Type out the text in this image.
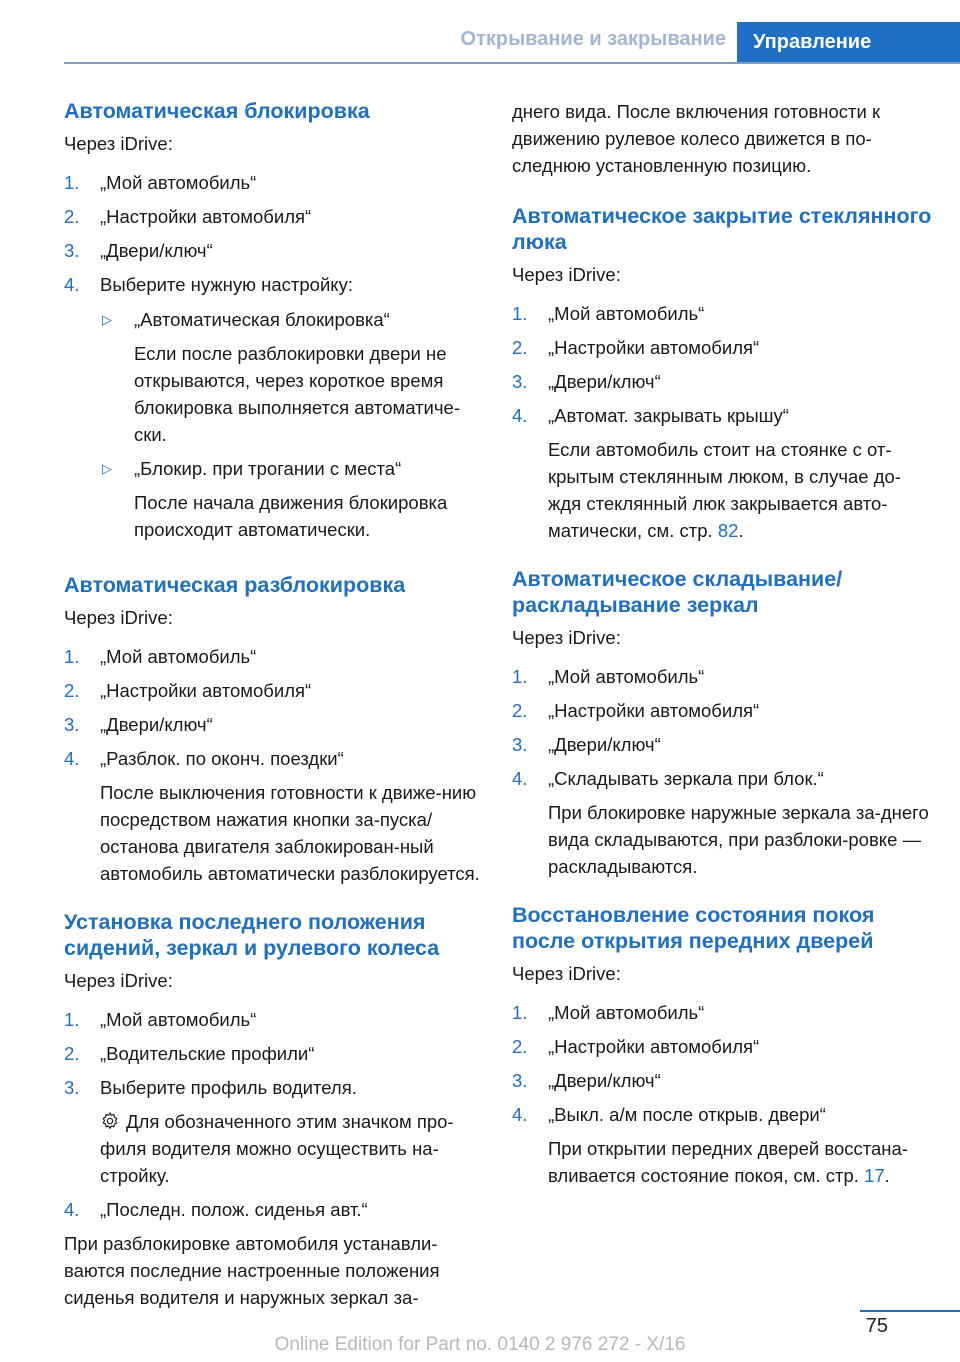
Открывание и закрывание	Управление
Автоматическая блокировка

Через iDrive:

1.	„Мой автомобиль“
2.	„Настройки автомобиля“
3.	„Двери/ключ“
4.	Выберите нужную настройку:
▷	„Автоматическая блокировка“
Если после разблокировки двери не открываются, через короткое время блокировка выполняется автоматиче-ски.
▷	„Блокир. при трогании с места“
После начала движения блокировка происходит автоматически.
Автоматическая разблокировка

Через iDrive:

1.	„Мой автомобиль“
2.	„Настройки автомобиля“
3.	„Двери/ключ“
4.	„Разблок. по оконч. поездки“
После выключения готовности к движе-нию посредством нажатия кнопки за-пуска/останова двигателя заблокирован-ный автомобиль автоматически разблокируется.
Установка последнего положения сидений, зеркал и рулевого колеса

Через iDrive:

1.	„Мой автомобиль“
2.	„Водительские профили“
3.	Выберите профиль водителя.
Для обозначенного этим значком про-филя водителя можно осуществить на-стройку.
4.	„Последн. полож. сиденья авт.“

При разблокировке автомобиля устанавли-ваются последние настроенные положения сиденья водителя и наружных зеркал за-

днего вида. После включения готовности к движению рулевое колесо движется в по-следнюю установленную позицию.

Автоматическое закрытие стеклянного люка

Через iDrive:

1.	„Мой автомобиль“
2.	„Настройки автомобиля“
3.	„Двери/ключ“
4.	„Автомат. закрывать крышу“
Если автомобиль стоит на стоянке с от-крытым стеклянным люком, в случае до-ждя стеклянный люк закрывается авто-матически, см. стр. 82.
Автоматическое складывание/ раскладывание зеркал

Через iDrive:

1.	„Мой автомобиль“
2.	„Настройки автомобиля“
3.	„Двери/ключ“
4.	„Складывать зеркала при блок.“
При блокировке наружные зеркала за-днего вида складываются, при разблоки-ровке — раскладываются.
Восстановление состояния покоя после открытия передних дверей

Через iDrive:

1.	„Мой автомобиль“
2.	„Настройки автомобиля“
3.	„Двери/ключ“
4.	„Выкл. а/м после открыв. двери“
При открытии передних дверей восстана-вливается состояние покоя, см. стр. 17.
75
Online Edition for Part no. 0140 2 976 272 - X/16
